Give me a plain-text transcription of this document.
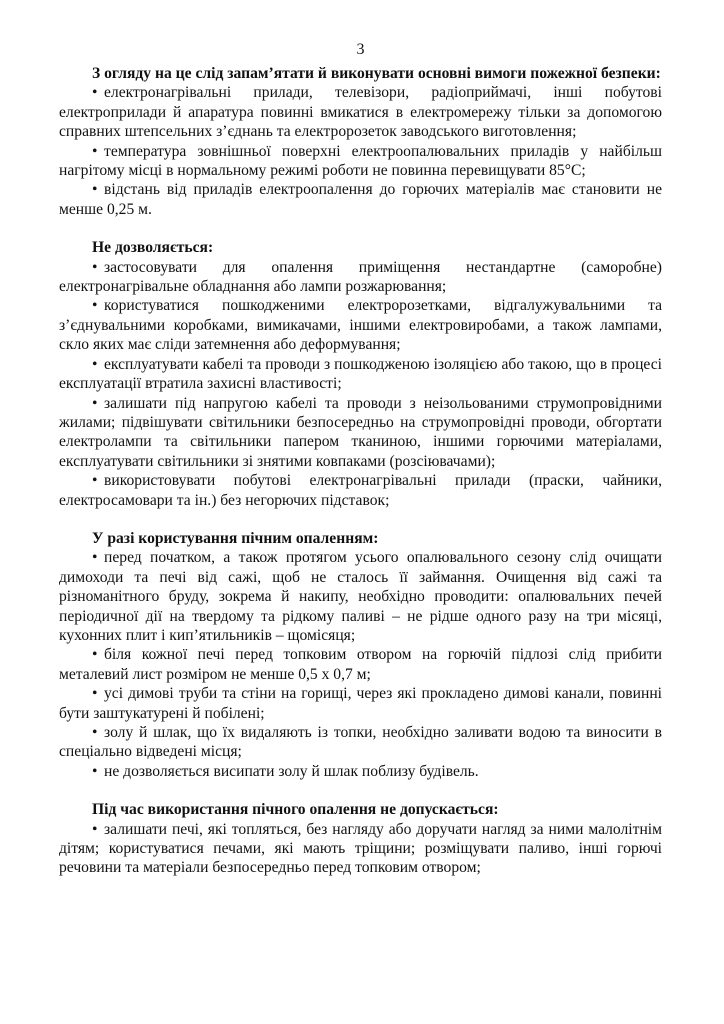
3

З огляду на це слід запам’ятати й виконувати основні вимоги пожежної безпеки:

• електронагрівальні прилади, телевізори, радіоприймачі, інші побутові електроприлади й апаратура повинні вмикатися в електромережу тільки за допомогою справних штепсельних з’єднань та електророзеток заводського виготовлення;

• температура зовнішньої поверхні електроопалювальних приладів у найбільш нагрітому місці в нормальному режимі роботи не повинна перевищувати 85°С;

• відстань від приладів електроопалення до горючих матеріалів має становити не менше 0,25 м.

Не дозволяється:

• застосовувати для опалення приміщення нестандартне (саморобне) електронагрівальне обладнання або лампи розжарювання;

• користуватися пошкодженими електророзетками, відгалужувальними та з’єднувальними коробками, вимикачами, іншими електровиробами, а також лампами, скло яких має сліди затемнення або деформування;

• експлуатувати кабелі та проводи з пошкодженою ізоляцією або такою, що в процесі експлуатації втратила захисні властивості;

• залишати під напругою кабелі та проводи з неізольованими струмопровідними жилами; підвішувати світильники безпосередньо на струмопровідні проводи, обгортати електролампи та світильники папером тканиною, іншими горючими матеріалами, експлуатувати світильники зі знятими ковпаками (розсіювачами);

• використовувати побутові електронагрівальні прилади (праски, чайники, електросамовари та ін.) без негорючих підставок;

У разі користування пічним опаленням:

• перед початком, а також протягом усього опалювального сезону слід очищати димоходи та печі від сажі, щоб не сталось її займання. Очищення від сажі та різноманітного бруду, зокрема й накипу, необхідно проводити: опалювальних печей періодичної дії на твердому та рідкому паливі – не рідше одного разу на три місяці, кухонних плит і кип’ятильників – щомісяця;

• біля кожної печі перед топковим отвором на горючій підлозі слід прибити металевий лист розміром не менше 0,5 х 0,7 м;

• усі димові труби та стіни на горищі, через які прокладено димові канали, повинні бути заштукатурені й побілені;

• золу й шлак, що їх видаляють із топки, необхідно заливати водою та виносити в спеціально відведені місця;

• не дозволяється висипати золу й шлак поблизу будівель.

Під час використання пічного опалення не допускається:

• залишати печі, які топляться, без нагляду або доручати нагляд за ними малолітнім дітям; користуватися печами, які мають тріщини; розміщувати паливо, інші горючі речовини та матеріали безпосередньо перед топковим отвором;
